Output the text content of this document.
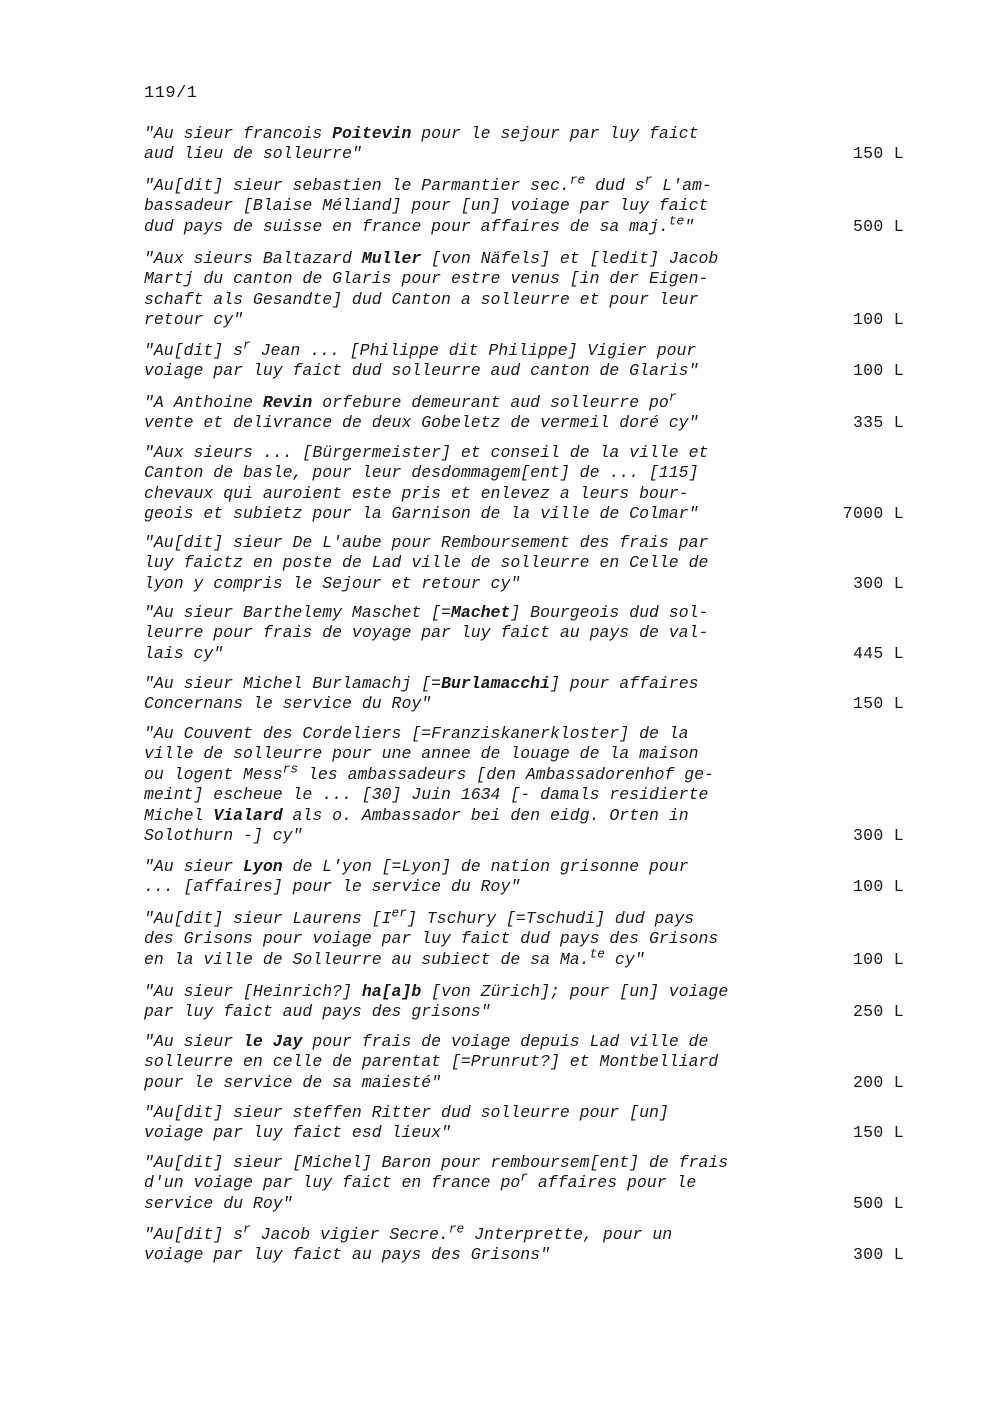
119/1
"Au sieur francois Poitevin pour le sejour par luy faict
aud lieu de solleurre"	150 L
"Au[dit] sieur sebastien le Parmantier sec.$^{re}$ dud $s^r$ L'am-
bassadeur [Blaise Méliand] pour [un] voiage par luy faict
dud pays de suisse en france pour affaires de sa maj.$^{te}$"	500 L
"Aux sieurs Baltazard Muller [von Näfels] et [ledit] Jacob
Martj du canton de Glaris pour estre venus [in der Eigen-
schaft als Gesandte] dud Canton a solleurre et pour leur
retour cy"	100 L
"Au[dit] $s^r$ Jean ... [Philippe dit Philippe] Vigier pour
voiage par luy faict dud solleurre aud canton de Glaris"	100 L
"A Anthoine Revin orfebure demeurant aud solleurre $po^r$
vente et delivrance de deux Gobeletz de vermeil doré cy"	335 L
"Aux sieurs ... [Bürgermeister] et conseil de la ville et
Canton de basle, pour leur desdommagem[ent] de ... [115]
chevaux qui auroient este pris et enlevez a leurs bour-
geois et subietz pour la Garnison de la ville de Colmar"	7000 L
"Au[dit] sieur De L'aube pour Remboursement des frais par
luy faictz en poste de Lad ville de solleurre en Celle de
lyon y compris le Sejour et retour cy"	300 L
"Au sieur Barthelemy Maschet [=Machet] Bourgeois dud sol-
leurre pour frais de voyage par luy faict au pays de val-
lais cy"	445 L
"Au sieur Michel Burlamachj [=Burlamacchi] pour affaires
Concernans le service du Roy"	150 L
"Au Couvent des Cordeliers [=Franziskanerkloster] de la
ville de solleurre pour une annee de louage de la maison
ou logent Mess$^{rs}$ les ambassadeurs [den Ambassadorenhof ge-
meint] escheue le ... [30] Juin 1634 [- damals residierte
Michel Vialard als o. Ambassador bei den eidg. Orten in
Solothurn -] cy"	300 L
"Au sieur Lyon de L'yon [=Lyon] de nation grisonne pour
... [affaires] pour le service du Roy"	100 L
"Au[dit] sieur Laurens [Ier] Tschury [=Tschudi] dud pays
des Grisons pour voiage par luy faict dud pays des Grisons
en la ville de Solleurre au subiect de sa Ma.$^{te}$ cy"	100 L
"Au sieur [Heinrich?] ha[a]b [von Zürich]; pour [un] voiage
par luy faict aud pays des grisons"	250 L
"Au sieur le Jay pour frais de voiage depuis Lad ville de
solleurre en celle de parentat [=Prunrut?] et Montbelliard
pour le service de sa maiesté"	200 L
"Au[dit] sieur steffen Ritter dud solleurre pour [un]
voiage par luy faict esd lieux"	150 L
"Au[dit] sieur [Michel] Baron pour remboursem[ent] de frais
d'un voiage par luy faict en france $po^r$ affaires pour le
service du Roy"	500 L
"Au[dit] $s^r$ Jacob vigier Secre.$^{re}$ Jnterprette, pour un
voiage par luy faict au pays des Grisons"	300 L
